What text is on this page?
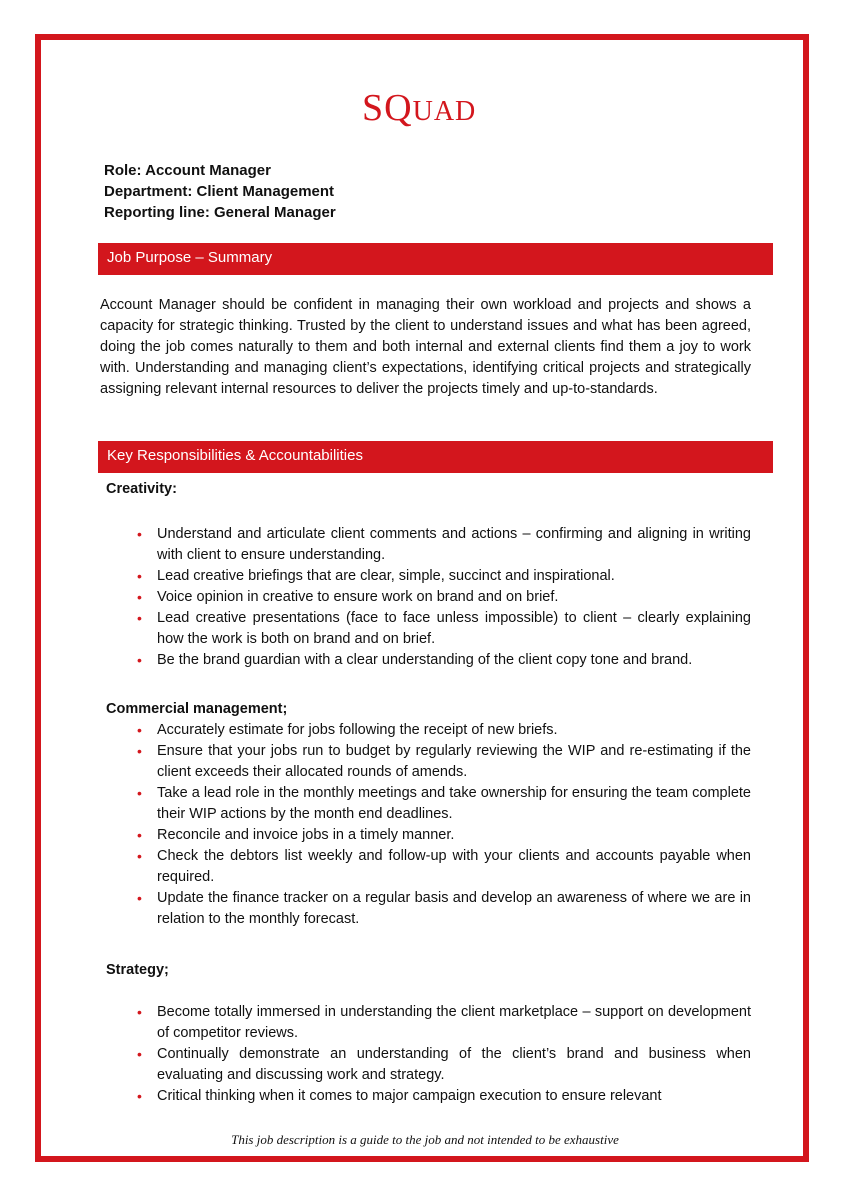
SQUAD
Role: Account Manager
Department: Client Management
Reporting line: General Manager
Job Purpose – Summary
Account Manager should be confident in managing their own workload and projects and shows a capacity for strategic thinking. Trusted by the client to understand issues and what has been agreed, doing the job comes naturally to them and both internal and external clients find them a joy to work with. Understanding and managing client’s expectations, identifying critical projects and strategically assigning relevant internal resources to deliver the projects timely and up-to-standards.
Key Responsibilities & Accountabilities
Creativity:
• Understand and articulate client comments and actions – confirming and aligning in writing with client to ensure understanding.
• Lead creative briefings that are clear, simple, succinct and inspirational.
• Voice opinion in creative to ensure work on brand and on brief.
• Lead creative presentations (face to face unless impossible) to client – clearly explaining how the work is both on brand and on brief.
• Be the brand guardian with a clear understanding of the client copy tone and brand.
Commercial management;
• Accurately estimate for jobs following the receipt of new briefs.
• Ensure that your jobs run to budget by regularly reviewing the WIP and re-estimating if the client exceeds their allocated rounds of amends.
• Take a lead role in the monthly meetings and take ownership for ensuring the team complete their WIP actions by the month end deadlines.
• Reconcile and invoice jobs in a timely manner.
• Check the debtors list weekly and follow-up with your clients and accounts payable when required.
• Update the finance tracker on a regular basis and develop an awareness of where we are in relation to the monthly forecast.
Strategy;
• Become totally immersed in understanding the client marketplace – support on development of competitor reviews.
• Continually demonstrate an understanding of the client’s brand and business when evaluating and discussing work and strategy.
• Critical thinking when it comes to major campaign execution to ensure relevant
This job description is a guide to the job and not intended to be exhaustive
